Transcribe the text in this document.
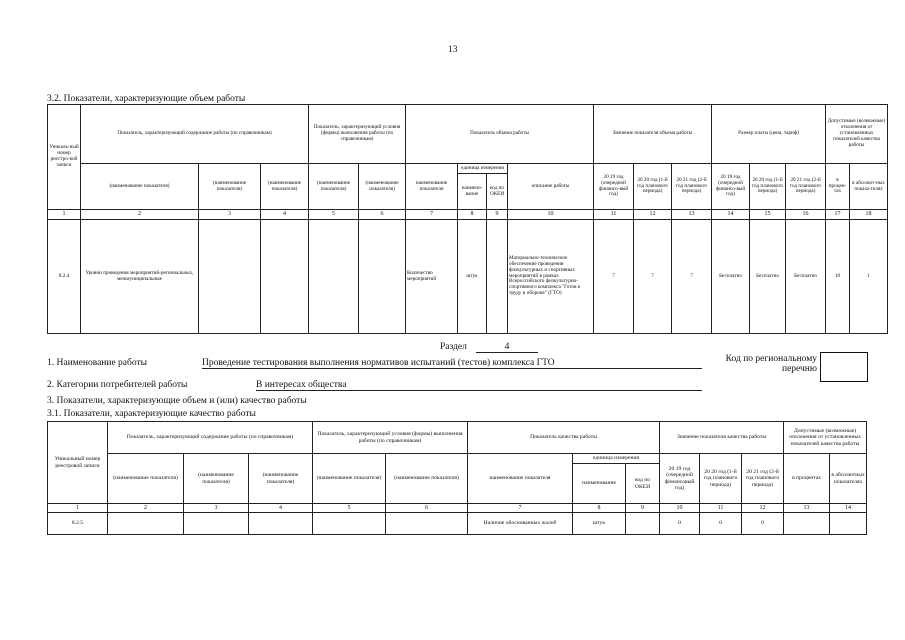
13
3.2. Показатели, характеризующие объем работы
Уникаль-ный номер реестро-вой записи	Показатель, характеризующий содержание работы (по справочникам)			Показатель, характеризующий условия (формы) выполнения работы (по справочникам)		Показатель объема работы				Значение показателя объема работы			Размер платы (цена, тариф)			Допустимые (возможные) отклонения от установленных показателей качества работы	
	(наименование показателя)	(наименование показателя)	(наименование показателя)	(наименование показателя)	(наименование показателя)	наименование показателя	единица измерения		описание работы	20 19 год (очередной финансо-вый год)	20 20 год (1-й год планового периода)	20 21 год (2-й год планового периода)	20 19 год (очередной финансо-вый год)	20 20 год (1-й год планового периода)	20 21 год (2-й год планового периода)	в процен-тах	в абсолют-ных показа-телях
							наимено-вание	код по ОКЕИ									
1	2	3	4	5	6	7	8	9	10	11	12	13	14	15	16	17	18
8.2.4	Уровни проведения мероприятий-региональных, межмуниципальные					Количество мероприятий	штук		Материально-техническое обеспечение проведения физкультурных и спортивных мероприятий в рамках Всероссийского физкультурно-спортивного комплекса "Готов к труду и обороне" (ГТО)	7	7	7	Бесплатно	Бесплатно	Бесплатно	10	1
Раздел	4
1. Наименование работы	Проведение тестирования выполнения нормативов испытаний (тестов) комплекса ГТО	Код по региональному
перечню
2. Категории потребителей работы	В интересах общества
3. Показатели, характеризующие объем и (или) качество работы
3.1. Показатели, характеризующие качество работы
Уникальный номер реестровой записи	Показатель, характеризующий содержание работы (по справочникам)			Показатель, характеризующий условия (формы) выполнения работы (по справочникам)		Показатель качества работы			Значение показателя качества работы			Допустимые (возможные) отклонения от установленных показателей качества работы	
	(наименование показателя)	(наименование показателя)	(наименование показателя)	(наименование показателя)	(наименование показателя)	наименование показателя	единица измерения		20 19 год (очередной финансовый год)	20 20 год (1-й год планового периода)	20 21 год (2-й год планового периода)	в процентах	в абсолютных показателях
							наименование	код по ОКЕИ					
1	2	3	4	5	6	7	8	9	10	11	12	13	14
8.2.5						Наличие обоснованных жалоб	штук		0	0	0		
